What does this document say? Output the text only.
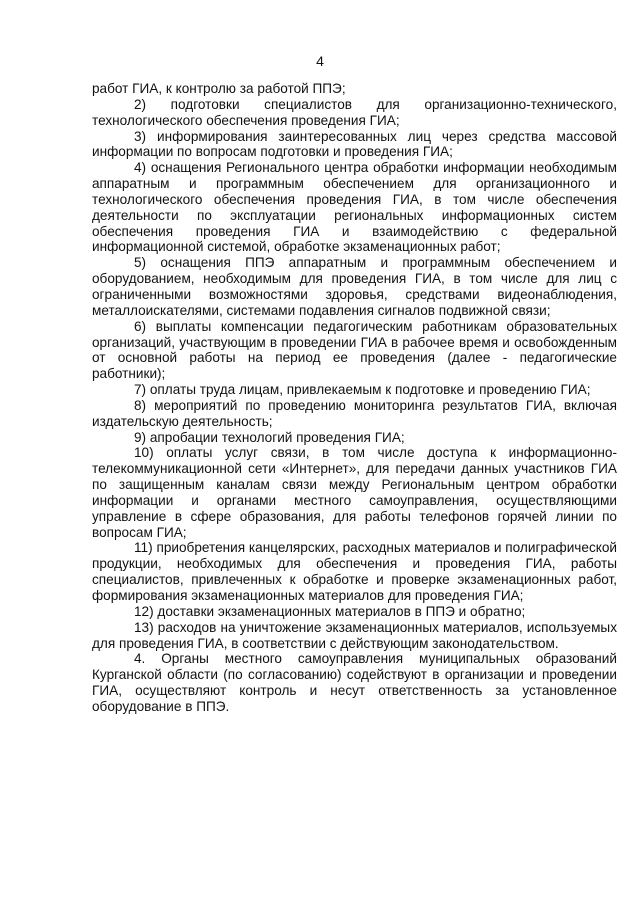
4

работ ГИА, к контролю за работой ППЭ;

2) подготовки специалистов для организационно-технического, технологического обеспечения проведения ГИА;

3) информирования заинтересованных лиц через средства массовой информации по вопросам подготовки и проведения ГИА;

4) оснащения Регионального центра обработки информации необходимым аппаратным и программным обеспечением для организационного и технологического обеспечения проведения ГИА, в том числе обеспечения деятельности по эксплуатации региональных информационных систем обеспечения проведения ГИА и взаимодействию с федеральной информационной системой, обработке экзаменационных работ;

5) оснащения ППЭ аппаратным и программным обеспечением и оборудованием, необходимым для проведения ГИА, в том числе для лиц с ограниченными возможностями здоровья, средствами видеонаблюдения, металлоискателями, системами подавления сигналов подвижной связи;

6) выплаты компенсации педагогическим работникам образовательных организаций, участвующим в проведении ГИА в рабочее время и освобожденным от основной работы на период ее проведения (далее - педагогические работники);

7) оплаты труда лицам, привлекаемым к подготовке и проведению ГИА;

8) мероприятий по проведению мониторинга результатов ГИА, включая издательскую деятельность;

9) апробации технологий проведения ГИА;

10) оплаты услуг связи, в том числе доступа к информационно-телекоммуникационной сети «Интернет», для передачи данных участников ГИА по защищенным каналам связи между Региональным центром обработки информации и органами местного самоуправления, осуществляющими управление в сфере образования, для работы телефонов горячей линии по вопросам ГИА;

11) приобретения канцелярских, расходных материалов и полиграфической продукции, необходимых для обеспечения и проведения ГИА, работы специалистов, привлеченных к обработке и проверке экзаменационных работ, формирования экзаменационных материалов для проведения ГИА;

12) доставки экзаменационных материалов в ППЭ и обратно;

13) расходов на уничтожение экзаменационных материалов, используемых для проведения ГИА, в соответствии с действующим законодательством.

4. Органы местного самоуправления муниципальных образований Курганской области (по согласованию) содействуют в организации и проведении ГИА, осуществляют контроль и несут ответственность за установленное оборудование в ППЭ.
